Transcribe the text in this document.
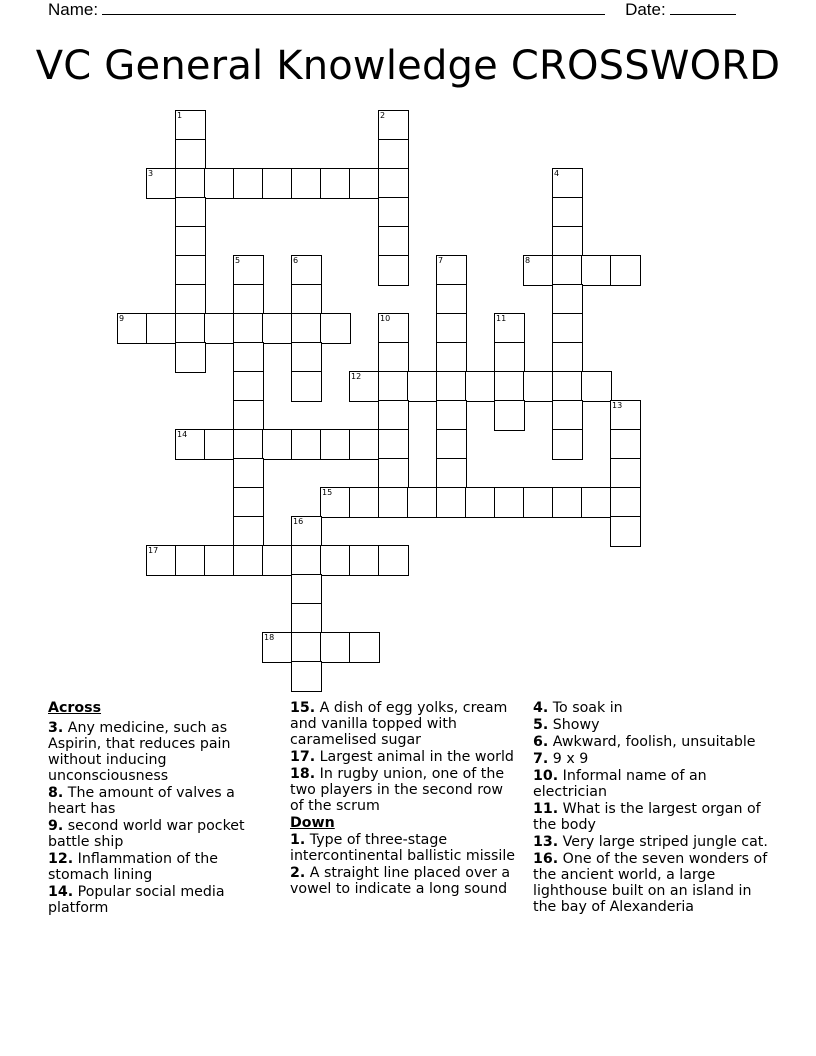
Name:	Date:
VC General Knowledge CROSSWORD
1	2
3	4
5	6	7	8
9	10	11
12
13
14
15
16
17
18
Across
3. Any medicine, such as Aspirin, that reduces pain without inducing unconsciousness
8. The amount of valves a heart has
9. second world war pocket battle ship
12. Inflammation of the stomach lining
14. Popular social media platform
15. A dish of egg yolks, cream and vanilla topped with caramelised sugar
17. Largest animal in the world
18. In rugby union, one of the two players in the second row of the scrum
Down
1. Type of three-stage intercontinental ballistic missile
2. A straight line placed over a vowel to indicate a long sound
4. To soak in
5. Showy
6. Awkward, foolish, unsuitable
7. 9 x 9
10. Informal name of an electrician
11. What is the largest organ of the body
13. Very large striped jungle cat.
16. One of the seven wonders of the ancient world, a large lighthouse built on an island in the bay of Alexanderia
